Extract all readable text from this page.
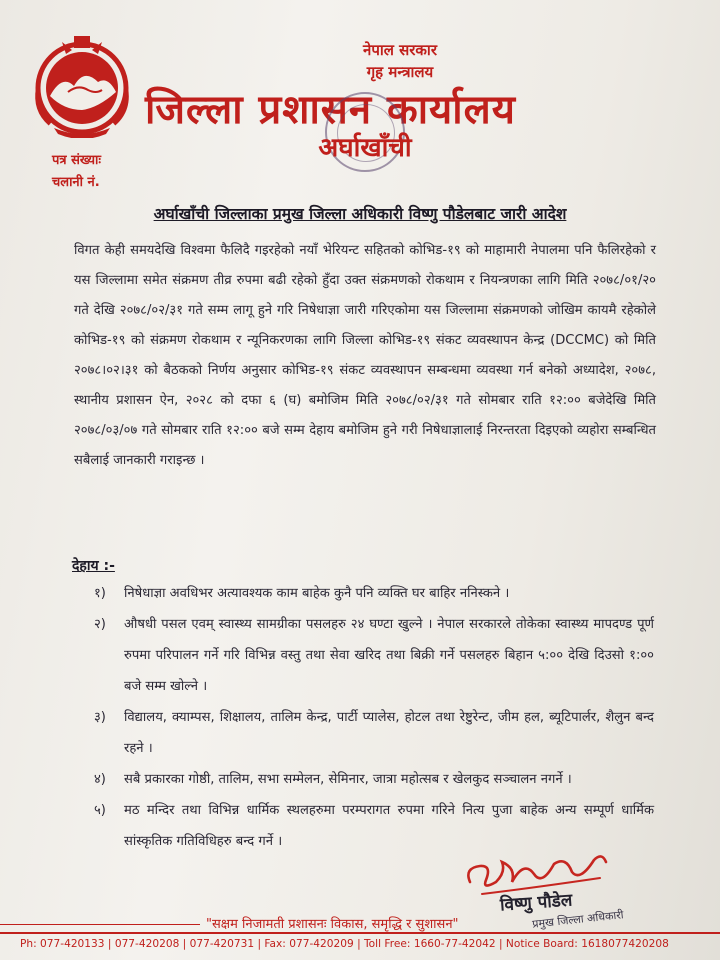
नेपाल सरकार
गृह मन्त्रालय
जिल्ला प्रशासन कार्यालय
अर्घाखाँची
पत्र संख्याः
चलानी नं.
अर्घाखाँची जिल्लाका प्रमुख जिल्ला अधिकारी विष्णु पौडेलबाट जारी आदेश
विगत केही समयदेखि विश्वमा फैलिदै गइरहेको नयाँ भेरियन्ट सहितको कोभिड-१९ को माहामारी नेपालमा पनि फैलिरहेको र यस जिल्लामा समेत संक्रमण तीव्र रुपमा बढी रहेको हुँदा उक्त संक्रमणको रोकथाम र नियन्त्रणका लागि मिति २०७८/०१/२० गते देखि २०७८/०२/३१ गते सम्म लागू हुने गरि निषेधाज्ञा जारी गरिएकोमा यस जिल्लामा संक्रमणको जोखिम कायमै रहेकोले कोभिड-१९ को संक्रमण रोकथाम र न्यूनिकरणका लागि जिल्ला कोभिड-१९ संकट व्यवस्थापन केन्द्र (DCCMC) को मिति २०७८।०२।३१ को बैठकको निर्णय अनुसार कोभिड-१९ संकट व्यवस्थापन सम्बन्धमा व्यवस्था गर्न बनेको अध्यादेश, २०७८, स्थानीय प्रशासन ऐन, २०२८ को दफा ६ (घ) बमोजिम मिति २०७८/०२/३१ गते सोमबार राति १२:०० बजेदेखि मिति २०७८/०३/०७ गते सोमबार राति १२:०० बजे सम्म देहाय बमोजिम हुने गरी निषेधाज्ञालाई निरन्तरता दिइएको व्यहोरा सम्बन्धित सबैलाई जानकारी गराइन्छ ।
देहाय :-
१)	निषेधाज्ञा अवधिभर अत्यावश्यक काम बाहेक कुनै पनि व्यक्ति घर बाहिर ननिस्कने ।
२)	औषधी पसल एवम् स्वास्थ्य सामग्रीका पसलहरु २४ घण्टा खुल्ने । नेपाल सरकारले तोकेका स्वास्थ्य मापदण्ड पूर्ण रुपमा परिपालन गर्ने गरि विभिन्न वस्तु तथा सेवा खरिद तथा बिक्री गर्ने पसलहरु बिहान ५:०० देखि दिउसो १:०० बजे सम्म खोल्ने ।
३)	विद्यालय, क्याम्पस, शिक्षालय, तालिम केन्द्र, पार्टी प्यालेस, होटल तथा रेष्टुरेन्ट, जीम हल, ब्यूटिपार्लर, शैलुन बन्द रहने ।
४)	सबै प्रकारका गोष्ठी, तालिम, सभा सम्मेलन, सेमिनार, जात्रा महोत्सब र खेलकुद सञ्चालन नगर्ने ।
५)	मठ मन्दिर तथा विभिन्न धार्मिक स्थलहरुमा परम्परागत रुपमा गरिने नित्य पुजा बाहेक अन्य सम्पूर्ण धार्मिक सांस्कृतिक गतिविधिहरु बन्द गर्ने ।
विष्णु पौडेल
प्रमुख जिल्ला अधिकारी
"सक्षम निजामती प्रशासनः विकास, समृद्धि र सुशासन"
Ph: 077-420133 | 077-420208 | 077-420731 | Fax: 077-420209 | Toll Free: 1660-77-42042 | Notice Board: 1618077420208
